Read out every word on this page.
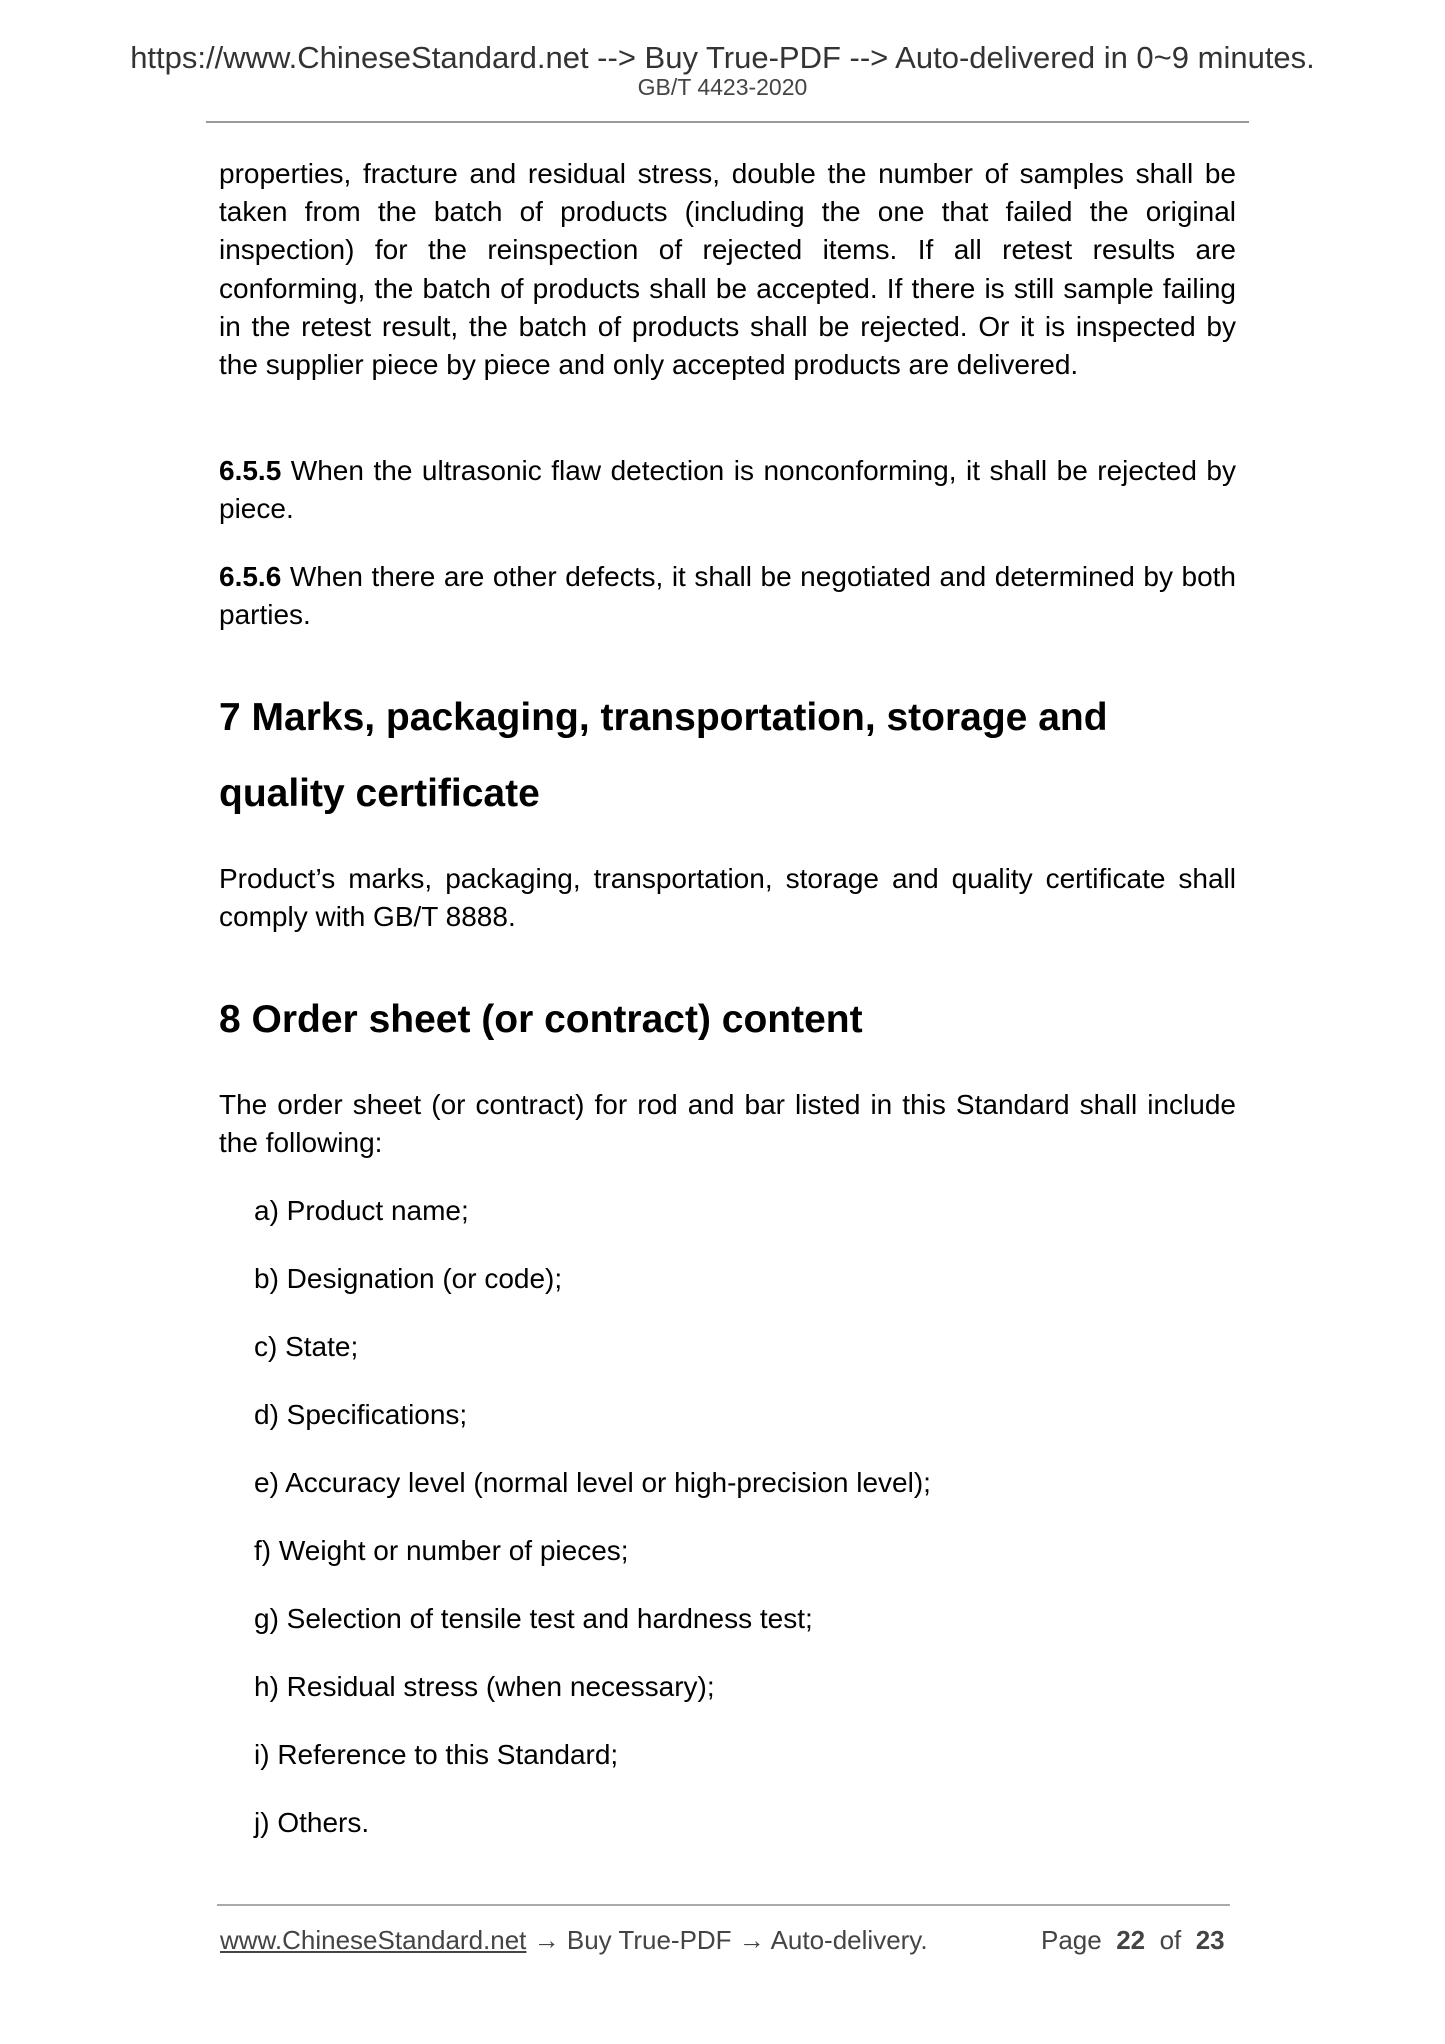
https://www.ChineseStandard.net --> Buy True-PDF --> Auto-delivered in 0~9 minutes.
GB/T 4423-2020
properties, fracture and residual stress, double the number of samples shall be taken from the batch of products (including the one that failed the original inspection) for the reinspection of rejected items. If all retest results are conforming, the batch of products shall be accepted. If there is still sample failing in the retest result, the batch of products shall be rejected. Or it is inspected by the supplier piece by piece and only accepted products are delivered.
6.5.5 When the ultrasonic flaw detection is nonconforming, it shall be rejected by piece.
6.5.6 When there are other defects, it shall be negotiated and determined by both parties.
7 Marks, packaging, transportation, storage and quality certificate
Product’s marks, packaging, transportation, storage and quality certificate shall comply with GB/T 8888.
8 Order sheet (or contract) content
The order sheet (or contract) for rod and bar listed in this Standard shall include the following:
a) Product name;
b) Designation (or code);
c) State;
d) Specifications;
e) Accuracy level (normal level or high-precision level);
f) Weight or number of pieces;
g) Selection of tensile test and hardness test;
h) Residual stress (when necessary);
i) Reference to this Standard;
j) Others.
www.ChineseStandard.net → Buy True-PDF → Auto-delivery.	Page 22 of 23
